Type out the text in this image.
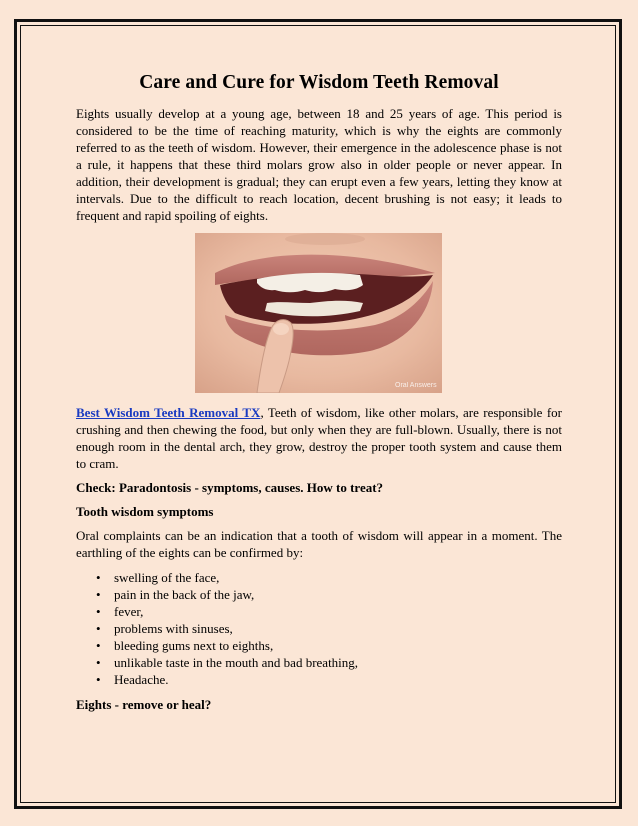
Care and Cure for Wisdom Teeth Removal

Eights usually develop at a young age, between 18 and 25 years of age. This period is considered to be the time of reaching maturity, which is why the eights are commonly referred to as the teeth of wisdom. However, their emergence in the adolescence phase is not a rule, it happens that these third molars grow also in older people or never appear. In addition, their development is gradual; they can erupt even a few years, letting they know at intervals. Due to the difficult to reach location, decent brushing is not easy; it leads to frequent and rapid spoiling of eights.

Oral Answers

Best Wisdom Teeth Removal TX, Teeth of wisdom, like other molars, are responsible for crushing and then chewing the food, but only when they are full-blown. Usually, there is not enough room in the dental arch, they grow, destroy the proper tooth system and cause them to cram.

Check: Paradontosis - symptoms, causes. How to treat?
Tooth wisdom symptoms

Oral complaints can be an indication that a tooth of wisdom will appear in a moment. The earthling of the eights can be confirmed by:

• swelling of the face,
• pain in the back of the jaw,
• fever,
• problems with sinuses,
• bleeding gums next to eighths,
• unlikable taste in the mouth and bad breathing,
• Headache.
Eights - remove or heal?
